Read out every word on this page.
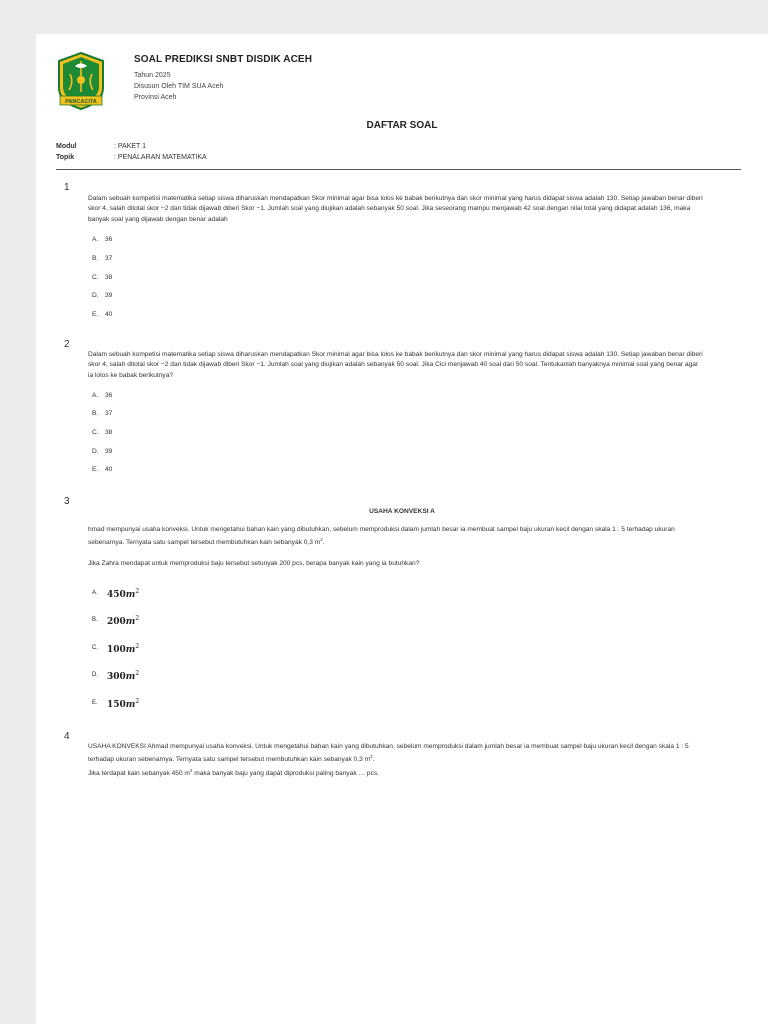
PANCACITA
SOAL PREDIKSI SNBT DISDIK ACEH
Tahun 2025
Disusun Oleh TIM SUA Aceh
Provinsi Aceh
DAFTAR SOAL
Modul	: PAKET 1
Topik	: PENALARAN MATEMATIKA
1
Dalam sebuah kompetisi matematika setiap siswa diharuskan mendapatkan Skor minimal agar bisa lolos ke babak berikutnya dan skor minimal yang harus didapat siswa adalah 130. Setiap jawaban benar diberi skor 4, salah ditotal skor −2 dan tidak dijawab diberi Skor −1. Jumlah soal yang diujikan adalah sebanyak 50 soal. Jika seseorang mampu menjawab 42 soal dengan nilai total yang didapat adalah 136, maka banyak soal yang dijawab dengan benar adalah
A. 36
B. 37
C. 38
D. 39
E. 40
2
Dalam sebuah kompetisi matematika setiap siswa diharuskan mendapatkan Skor minimal agar bisa lolos ke babak berikutnya dan skor minimal yang harus didapat siswa adalah 130. Setiap jawaban benar diberi skor 4, salah ditotal skor −2 dan tidak dijawab diberi Skor −1. Jumlah soal yang diujikan adalah sebanyak 50 soal. Jika Cici menjawab 40 soal dari 50 soal. Tentukanlah banyaknya minimal soal yang benar agar ia lolos ke babak berikutnya?
A. 36
B. 37
C. 38
D. 39
E. 40
3
USAHA KONVEKSI A
hmad mempunyai usaha konveksi. Untuk mengetahui bahan kain yang dibutuhkan, sebelum memproduksi dalam jumlah besar ia membuat sampel baju ukuran kecil dengan skala 1 : 5 terhadap ukuran sebenarnya. Ternyata satu sampel tersebut membutuhkan kain sebanyak 0,3 $m^2$.
Jika Zahra mendapat untuk memproduksi baju tersebut setunyak 200 pcs, berapa banyak kain yang ia butuhkan?
A. $450m^2$
B. $200m^2$
C. $100m^2$
D. $300m^2$
E. $150m^2$
4
USAHA KONVEKSI Ahmad mempunyai usaha konveksi. Untuk mengetahui bahan kain yang dibutuhkan, sebelum memproduksi dalam jumlah besar ia membuat sampel baju ukuran kecil dengan skala 1 : 5 terhadap ukuran sebenarnya. Ternyata satu sampel tersebut membutuhkan kain sebanyak 0,3 $m^2$.
Jika terdapat kain sebanyak 450 $m^2$ maka banyak baju yang dapat diproduksi paling banyak … pcs.
